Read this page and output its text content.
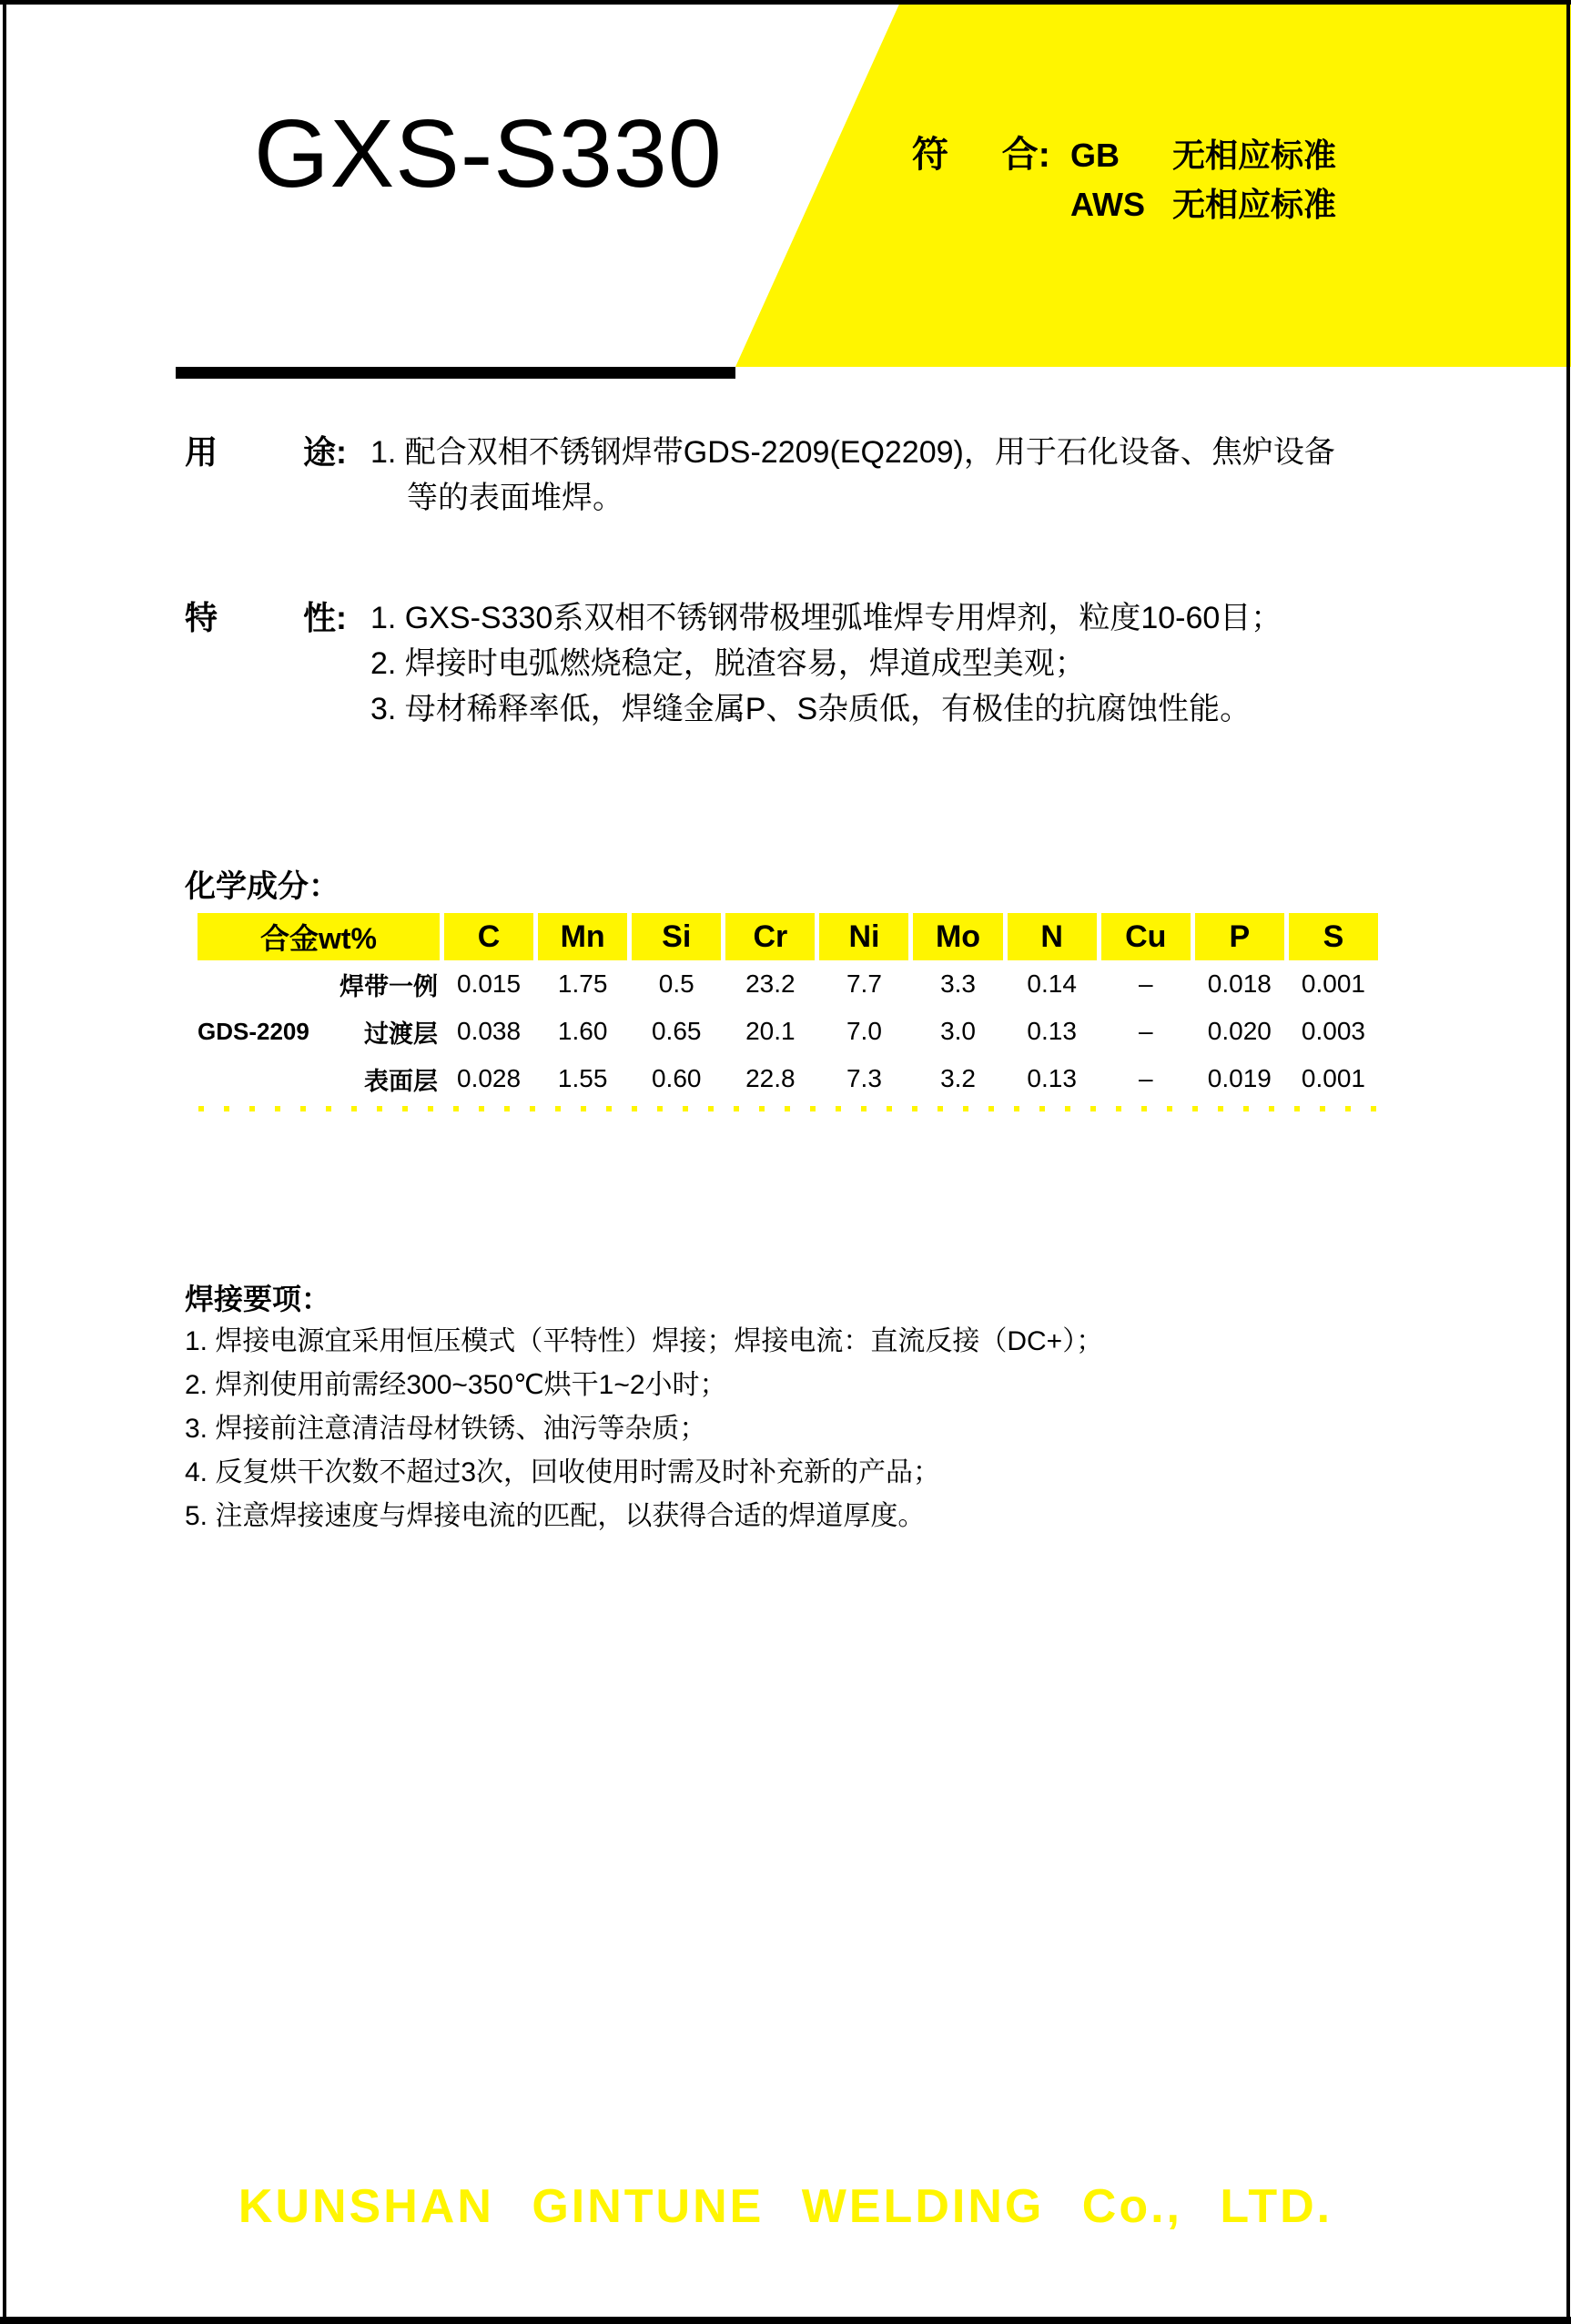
GXS-S330	符 合: GB	无相应标准
AWS 无相应标准
用	途: 1. 配合双相不锈钢焊带GDS-2209(EQ2209)，用于石化设备、焦炉设备
等的表面堆焊。
特	性: 1. GXS-S330系双相不锈钢带极埋弧堆焊专用焊剂，粒度10-60目；
2. 焊接时电弧燃烧稳定，脱渣容易，焊道成型美观；
3. 母材稀释率低，焊缝金属P、S杂质低，有极佳的抗腐蚀性能。
化学成分：
合金wt%	C	Mn	Si	Cr	Ni	Mo	N	Cu	P	S
焊带一例 0.015	1.75	0.5	23.2	7.7	3.3	0.14	–	0.018	0.001
GDS-2209 过渡层 0.038	1.60	0.65	20.1	7.0	3.0	0.13	–	0.020	0.003
表面层 0.028	1.55	0.60	22.8	7.3	3.2	0.13	–	0.019	0.001
焊接要项：
1. 焊接电源宜采用恒压模式（平特性）焊接；焊接电流：直流反接（DC+）；
2. 焊剂使用前需经300~350℃烘干1~2小时；
3. 焊接前注意清洁母材铁锈、油污等杂质；
4. 反复烘干次数不超过3次，回收使用时需及时补充新的产品；
5. 注意焊接速度与焊接电流的匹配，以获得合适的焊道厚度。
KUNSHAN GINTUNE WELDING Co., LTD.
